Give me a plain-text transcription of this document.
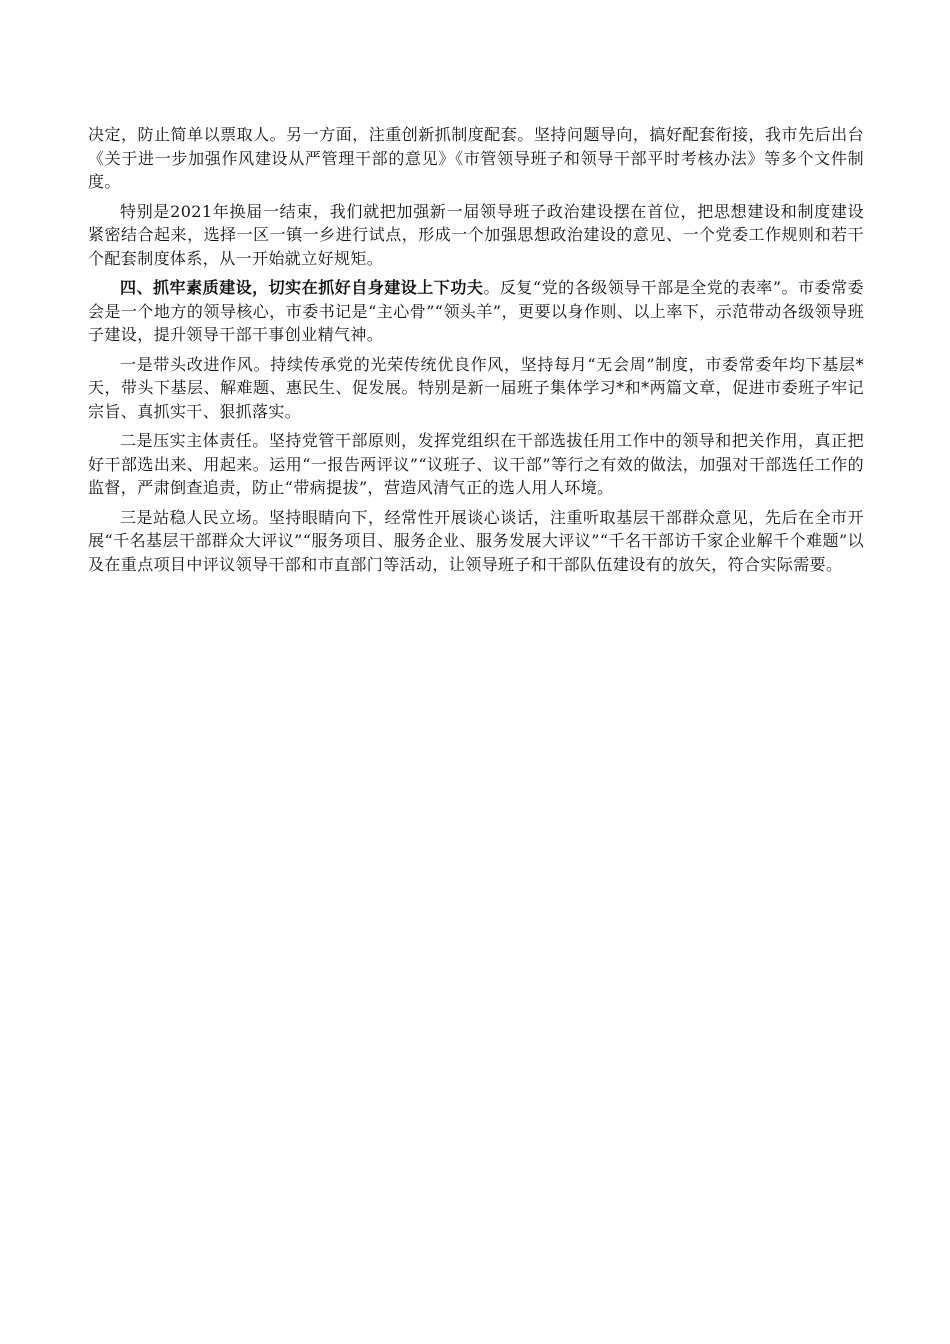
决定，防止简单以票取人。另一方面，注重创新抓制度配套。坚持问题导向，搞好配套衔接，我市先后出台《关于进一步加强作风建设从严管理干部的意见》《市管领导班子和领导干部平时考核办法》等多个文件制度。

特别是2021年换届一结束，我们就把加强新一届领导班子政治建设摆在首位，把思想建设和制度建设紧密结合起来，选择一区一镇一乡进行试点，形成一个加强思想政治建设的意见、一个党委工作规则和若干个配套制度体系，从一开始就立好规矩。

四、抓牢素质建设，切实在抓好自身建设上下功夫。反复“党的各级领导干部是全党的表率”。市委常委会是一个地方的领导核心，市委书记是“主心骨”“领头羊”，更要以身作则、以上率下，示范带动各级领导班子建设，提升领导干部干事创业精气神。

一是带头改进作风。持续传承党的光荣传统优良作风，坚持每月“无会周”制度，市委常委年均下基层*天，带头下基层、解难题、惠民生、促发展。特别是新一届班子集体学习*和*两篇文章，促进市委班子牢记宗旨、真抓实干、狠抓落实。

二是压实主体责任。坚持党管干部原则，发挥党组织在干部选拔任用工作中的领导和把关作用，真正把好干部选出来、用起来。运用“一报告两评议”“议班子、议干部”等行之有效的做法，加强对干部选任工作的监督，严肃倒查追责，防止“带病提拔”，营造风清气正的选人用人环境。

三是站稳人民立场。坚持眼睛向下，经常性开展谈心谈话，注重听取基层干部群众意见，先后在全市开展“千名基层干部群众大评议”“服务项目、服务企业、服务发展大评议”“千名干部访千家企业解千个难题”以及在重点项目中评议领导干部和市直部门等活动，让领导班子和干部队伍建设有的放矢，符合实际需要。
